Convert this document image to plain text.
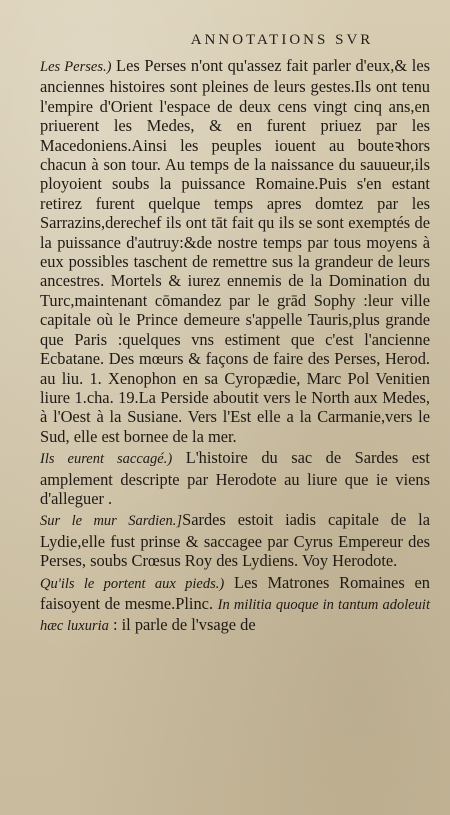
ANNOTATIONS SVR

Les Perses.) Les Perses n'ont qu'assez fait parler d'eux,& les anciennes histoires sont pleines de leurs gestes.Ils ont tenu l'empire d'Orient l'espace de deux cens vingt cinq ans,en priuerent les Medes, & en furent priuez par les Macedoniens.Ainsi les peuples iouent au bouteꝛhors chacun à son tour. Au temps de la naissance du sauueur,ils ployoient soubs la puissance Romaine.Puis s'en estant retirez furent quelque temps apres domtez par les Sarrazins,derechef ils ont tāt fait qu ils se sont exemptés de la puissance d'autruy:&de nostre temps par tous moyens à eux possibles taschent de remettre sus la grandeur de leurs ancestres. Mortels & iurez ennemis de la Domination du Turc,maintenant cōmandez par le grād Sophy :leur ville capitale où le Prince demeure s'appelle Tauris,plus grande que Paris :quelques vns estiment que c'est l'ancienne Ecbatane. Des mœurs & façons de faire des Perses, Herod. au liu. 1. Xenophon en sa Cyropædie, Marc Pol Venitien liure 1.cha. 19.La Perside aboutit vers le North aux Medes, à l'Oest à la Susiane. Vers l'Est elle a la Carmanie,vers le Sud, elle est bornee de la mer.

Ils eurent saccagé.) L'histoire du sac de Sardes est amplement descripte par Herodote au liure que ie viens d'alleguer .

Sur le mur Sardien.]Sardes estoit iadis capitale de la Lydie,elle fust prinse & saccagee par Cyrus Empereur des Perses, soubs Crœsus Roy des Lydiens. Voy Herodote.

Qu'ils le portent aux pieds.) Les Matrones Romaines en faisoyent de mesme.Plinc. In militia quoque in tantum adoleuit hæc luxuria : il parle de l'vsage de
